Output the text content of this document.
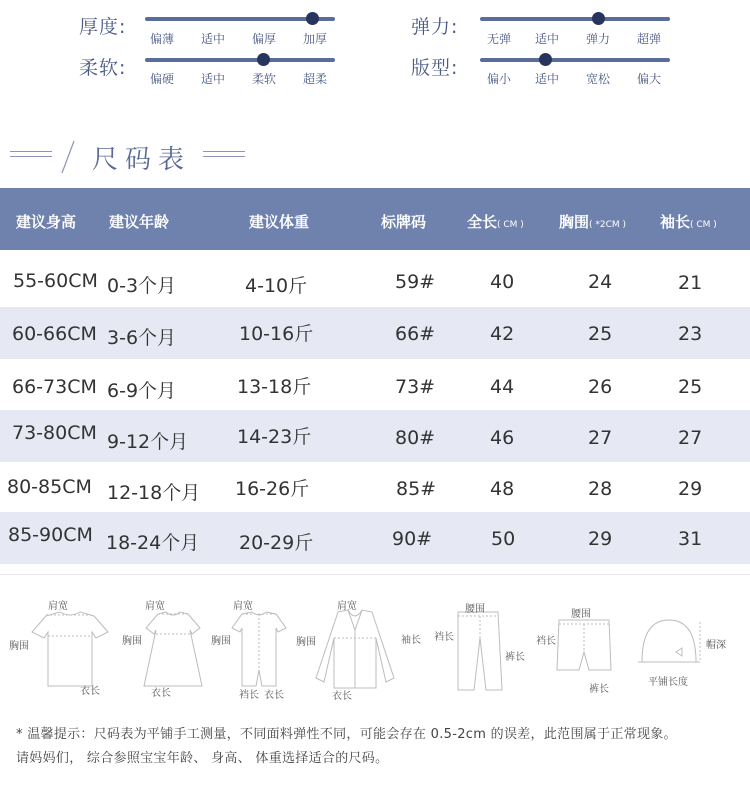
厚度:
偏薄	适中	偏厚	加厚
柔软:	偏硬	适中	柔软	超柔
弹力:
无弹	适中	弹力	超弹
版型:	偏小	适中	宽松	偏大
尺码表
建议身高 建议年龄	建议体重	标牌码	全长( CM ) 胸围( *2CM ) 袖长( CM )
55-60CM 0-3个月	4-10斤	59#	40	24	21
60-66CM 3-6个月	10-16斤	66#	42	25	23
66-73CM 6-9个月	13-18斤	73#	44	26	25
73-80CM 9-12个月	14-23斤	80#	46	27	27
80-85CM 12-18个月 16-26斤	85#	48	28	29
85-90CM 18-24个月 20-29斤	90#	50	29	31
肩宽
胸围
衣长
肩宽
胸围
衣长
肩宽
胸围
裆长 衣长
肩宽
胸围	袖长
衣长
腰围
裆长
裤长
腰围
裆长
裤长
帽深
平铺长度
* 温馨提示：尺码表为平铺手工测量，不同面料弹性不同，可能会存在 0.5-2cm 的误差，此范围属于正常现象。
请妈妈们， 综合参照宝宝年龄、 身高、 体重选择适合的尺码。
